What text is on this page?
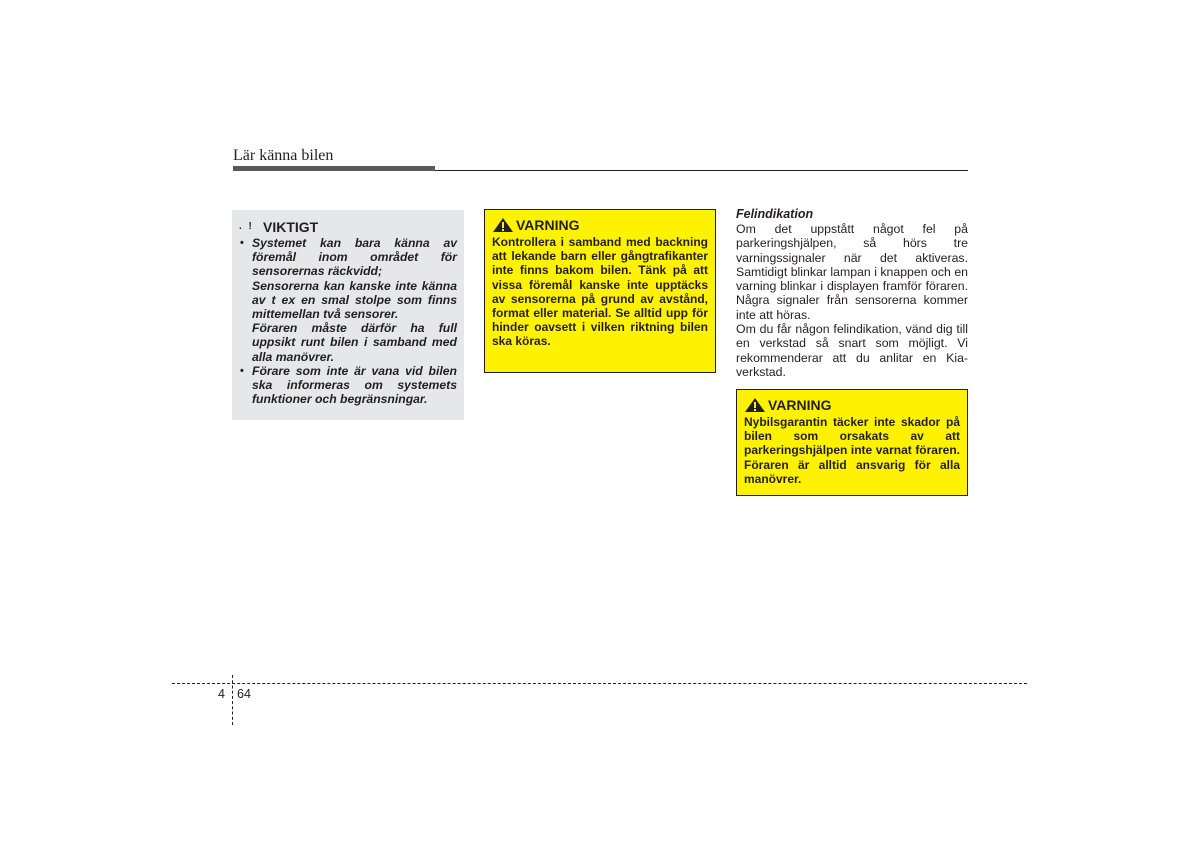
Lär känna bilen
. ! VIKTIGT
• Systemet kan bara känna av föremål inom området för sensorernas räckvidd;

Sensorerna kan kanske inte känna av t ex en smal stolpe som finns mittemellan två sensorer.

Föraren måste därför ha full uppsikt runt bilen i samband med alla manövrer.

• Förare som inte är vana vid bilen ska informeras om systemets funktioner och begränsningar.

VARNING

Kontrollera i samband med backning att lekande barn eller gångtrafikanter inte finns bakom bilen. Tänk på att vissa föremål kanske inte upptäcks av sensorerna på grund av avstånd, format eller material. Se alltid upp för hinder oavsett i vilken riktning bilen ska köras.

Felindikation

Om det uppstått något fel på parkeringshjälpen, så hörs tre varningssignaler när det aktiveras. Samtidigt blinkar lampan i knappen och en varning blinkar i displayen framför föraren. Några signaler från sensorerna kommer inte att höras.

Om du får någon felindikation, vänd dig till en verkstad så snart som möjligt. Vi rekommenderar att du anlitar en Kia-verkstad.

VARNING

Nybilsgarantin täcker inte skador på bilen som orsakats av att parkeringshjälpen inte varnat föraren. Föraren är alltid ansvarig för alla manövrer.

4 64
